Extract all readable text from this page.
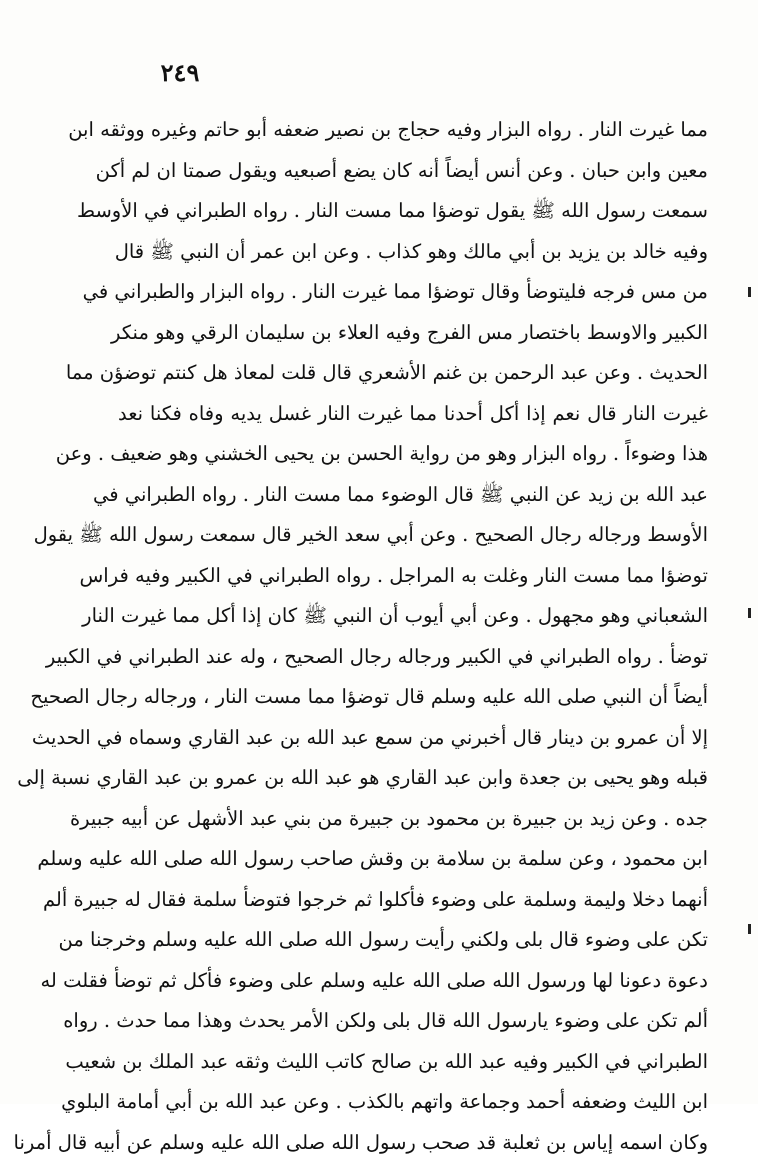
٢٤٩
مما غيرت النار . رواه البزار وفيه حجاج بن نصير ضعفه أبو حاتم وغيره ووثقه ابن
معين وابن حبان . وعن أنس أيضاً أنه كان يضع أصبعيه ويقول صمتا ان لم أكن
سمعت رسول الله ﷺ يقول توضؤا مما مست النار . رواه الطبراني في الأوسط
وفيه خالد بن يزيد بن أبي مالك وهو كذاب . وعن ابن عمر أن النبي ﷺ قال
من مس فرجه فليتوضأ وقال توضؤا مما غيرت النار . رواه البزار والطبراني في
الكبير والاوسط باختصار مس الفرج وفيه العلاء بن سليمان الرقي وهو منكر
الحديث . وعن عبد الرحمن بن غنم الأشعري قال قلت لمعاذ هل كنتم توضؤن مما
غيرت النار قال نعم إذا أكل أحدنا مما غيرت النار غسل يديه وفاه فكنا نعد
هذا وضوءاً . رواه البزار وهو من رواية الحسن بن يحيى الخشني وهو ضعيف . وعن
عبد الله بن زيد عن النبي ﷺ قال الوضوء مما مست النار . رواه الطبراني في
الأوسط ورجاله رجال الصحيح . وعن أبي سعد الخير قال سمعت رسول الله ﷺ يقول
توضؤا مما مست النار وغلت به المراجل . رواه الطبراني في الكبير وفيه فراس
الشعباني وهو مجهول . وعن أبي أيوب أن النبي ﷺ كان إذا أكل مما غيرت النار
توضأ . رواه الطبراني في الكبير ورجاله رجال الصحيح ، وله عند الطبراني في الكبير
أيضاً أن النبي صلى الله عليه وسلم قال توضؤا مما مست النار ، ورجاله رجال الصحيح
إلا أن عمرو بن دينار قال أخبرني من سمع عبد الله بن عبد القاري وسماه في الحديث
قبله وهو يحيى بن جعدة وابن عبد القاري هو عبد الله بن عمرو بن عبد القاري نسبة إلى
جده . وعن زيد بن جبيرة بن محمود بن جبيرة من بني عبد الأشهل عن أبيه جبيرة
ابن محمود ، وعن سلمة بن سلامة بن وقش صاحب رسول الله صلى الله عليه وسلم
أنهما دخلا وليمة وسلمة على وضوء فأكلوا ثم خرجوا فتوضأ سلمة فقال له جبيرة ألم
تكن على وضوء قال بلى ولكني رأيت رسول الله صلى الله عليه وسلم وخرجنا من
دعوة دعونا لها ورسول الله صلى الله عليه وسلم على وضوء فأكل ثم توضأ فقلت له
ألم تكن على وضوء يارسول الله قال بلى ولكن الأمر يحدث وهذا مما حدث . رواه
الطبراني في الكبير وفيه عبد الله بن صالح كاتب الليث وثقه عبد الملك بن شعيب
ابن الليث وضعفه أحمد وجماعة واتهم بالكذب . وعن عبد الله بن أبي أمامة البلوي
وكان اسمه إياس بن ثعلبة قد صحب رسول الله صلى الله عليه وسلم عن أبيه قال أمرنا
